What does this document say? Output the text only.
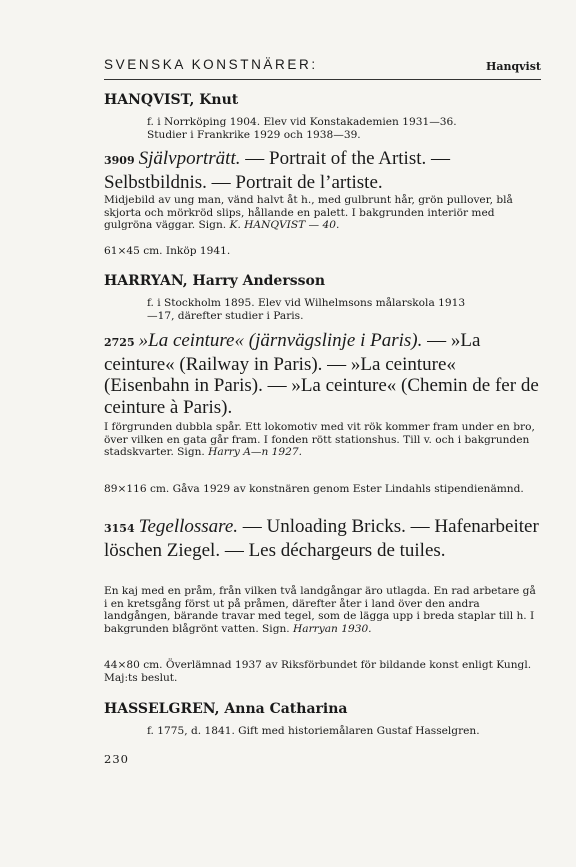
SVENSKA KONSTNÄRER:	Hanqvist
HANQVIST, Knut
f. i Norrköping 1904. Elev vid Konstakademien 1931—36.
Studier i Frankrike 1929 och 1938—39.
3909 Självporträtt. — Portrait of the Artist. — Selbstbildnis. — Portrait de l’artiste.
Midjebild av ung man, vänd halvt åt h., med gulbrunt hår, grön pullover, blå skjorta och mörkröd slips, hållande en palett. I bakgrunden interiör med gulgröna väggar. Sign. K. HANQVIST — 40.
61×45 cm. Inköp 1941.
HARRYAN, Harry Andersson
f. i Stockholm 1895. Elev vid Wilhelmsons målarskola 1913
—17, därefter studier i Paris.
2725 »La ceinture« (järnvägslinje i Paris). — »La ceinture« (Railway in Paris). — »La ceinture« (Eisenbahn in Paris). — »La ceinture« (Chemin de fer de ceinture à Paris).
I förgrunden dubbla spår. Ett lokomotiv med vit rök kommer fram under en bro, över vilken en gata går fram. I fonden rött stationshus. Till v. och i bakgrunden stadskvarter. Sign. Harry A—n 1927.
89×116 cm. Gåva 1929 av konstnären genom Ester Lindahls stipendienämnd.
3154 Tegellossare. — Unloading Bricks. — Hafenarbeiter löschen Ziegel. — Les déchargeurs de tuiles.
En kaj med en pråm, från vilken två landgångar äro utlagda. En rad arbetare gå i en kretsgång först ut på pråmen, därefter åter i land över den andra landgången, bärande travar med tegel, som de lägga upp i breda staplar till h. I bakgrunden blågrönt vatten. Sign. Harryan 1930.
44×80 cm. Överlämnad 1937 av Riksförbundet för bildande konst enligt Kungl. Maj:ts beslut.
HASSELGREN, Anna Catharina
f. 1775, d. 1841. Gift med historiemålaren Gustaf Hasselgren.
230
